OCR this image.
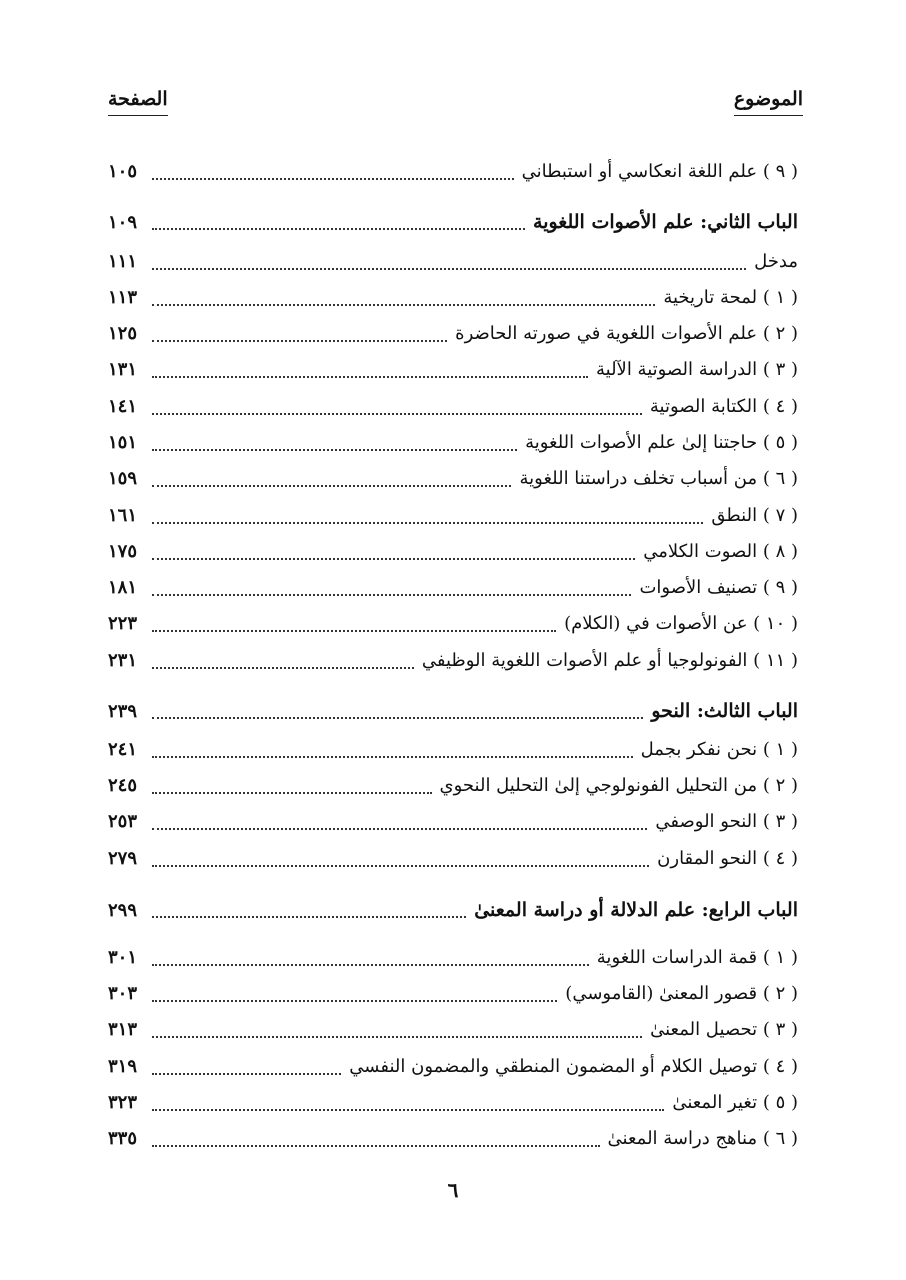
الموضوع
الصفحة
( ٩ ) علم اللغة انعكاسي أو استبطاني
١٠٥
الباب الثاني: علم الأصوات اللغوية
١٠٩
مدخل
١١١
( ١ ) لمحة تاريخية
١١٣
( ٢ ) علم الأصوات اللغوية في صورته الحاضرة
١٢٥
( ٣ ) الدراسة الصوتية الآلية
١٣١
( ٤ ) الكتابة الصوتية
١٤١
( ٥ ) حاجتنا إلىٰ علم الأصوات اللغوية
١٥١
( ٦ ) من أسباب تخلف دراستنا اللغوية
١٥٩
( ٧ ) النطق
١٦١
( ٨ ) الصوت الكلامي
١٧٥
( ٩ ) تصنيف الأصوات
١٨١
( ١٠ ) عن الأصوات في (الكلام)
٢٢٣
( ١١ ) الفونولوجيا أو علم الأصوات اللغوية الوظيفي
٢٣١
الباب الثالث: النحو
٢٣٩
( ١ ) نحن نفكر بجمل
٢٤١
( ٢ ) من التحليل الفونولوجي إلىٰ التحليل النحوي
٢٤٥
( ٣ ) النحو الوصفي
٢٥٣
( ٤ ) النحو المقارن
٢٧٩
الباب الرابع: علم الدلالة أو دراسة المعنىٰ
٢٩٩
( ١ ) قمة الدراسات اللغوية
٣٠١
( ٢ ) قصور المعنىٰ (القاموسي)
٣٠٣
( ٣ ) تحصيل المعنىٰ
٣١٣
( ٤ ) توصيل الكلام أو المضمون المنطقي والمضمون النفسي
٣١٩
( ٥ ) تغير المعنىٰ
٣٢٣
( ٦ ) مناهج دراسة المعنىٰ
٣٣٥
٦
